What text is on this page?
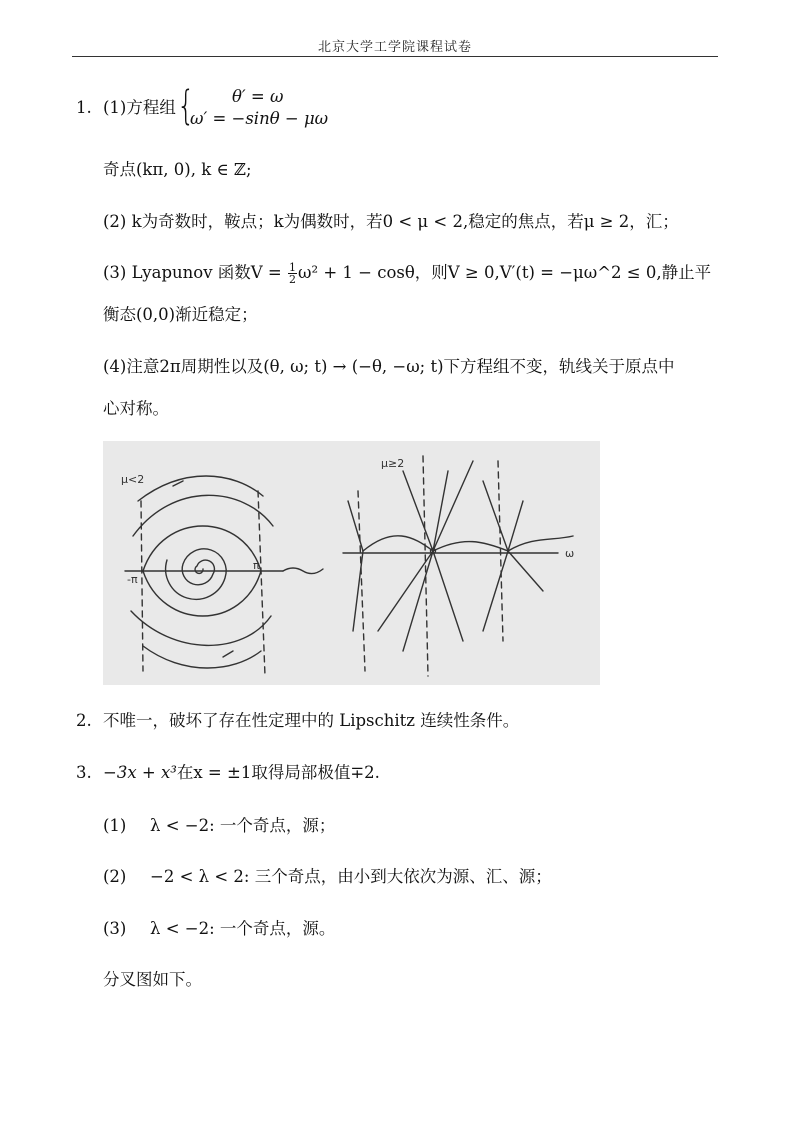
北京大学工学院课程试卷
1. (1)方程组 { θ′ = ω
ω′ = −sinθ − μω
奇点(kπ, 0), k ∈ ℤ;
(2) k为奇数时，鞍点；k为偶数时，若0 < μ < 2,稳定的焦点，若μ ≥ 2，汇；
(3) Lyapunov 函数$V = \frac{1}{2} \omega^2 + 1 - \cos\theta$，则V ≥ 0,V′(t) = −μω^2 ≤ 0,静止平
衡态(0,0)渐近稳定；
(4)注意2π周期性以及(θ, ω; t) → (−θ, −ω; t)下方程组不变，轨线关于原点中
心对称。
μ<2
μ≥2
-π
π
ω
2. 不唯一，破坏了存在性定理中的 Lipschitz 连续性条件。
3. −3x + x³在x = ±1取得局部极值∓2.
(1) λ < −2: 一个奇点，源；
(2) −2 < λ < 2: 三个奇点，由小到大依次为源、汇、源；
(3) λ < −2: 一个奇点，源。
分叉图如下。
